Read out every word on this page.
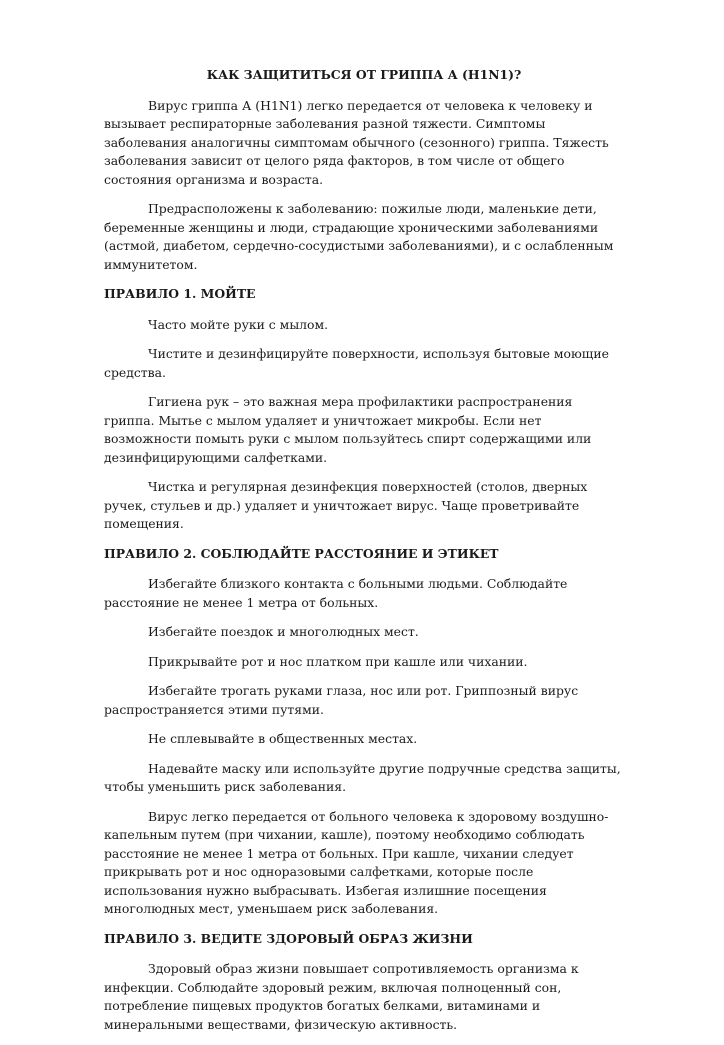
КАК ЗАЩИТИТЬСЯ ОТ ГРИППА А (H1N1)?

Вирус гриппа А (H1N1) легко передается от человека к человеку и вызывает респираторные заболевания разной тяжести. Симптомы заболевания аналогичны симптомам обычного (сезонного) гриппа. Тяжесть заболевания зависит от целого ряда факторов, в том числе от общего состояния организма и возраста.

Предрасположены к заболеванию: пожилые люди, маленькие дети, беременные женщины и люди, страдающие хроническими заболеваниями (астмой, диабетом, сердечно-сосудистыми заболеваниями), и с ослабленным иммунитетом.

ПРАВИЛО 1. МОЙТЕ

Часто мойте руки с мылом.

Чистите и дезинфицируйте поверхности, используя бытовые моющие средства.

Гигиена рук – это важная мера профилактики распространения гриппа. Мытье с мылом удаляет и уничтожает микробы. Если нет возможности помыть руки с мылом пользуйтесь спирт содержащими или дезинфицирующими салфетками.

Чистка и регулярная дезинфекция поверхностей (столов, дверных ручек, стульев и др.) удаляет и уничтожает вирус. Чаще проветривайте помещения.

ПРАВИЛО 2. СОБЛЮДАЙТЕ РАССТОЯНИЕ И ЭТИКЕТ

Избегайте близкого контакта с больными людьми. Соблюдайте расстояние не менее 1 метра от больных.

Избегайте поездок и многолюдных мест.

Прикрывайте рот и нос платком при кашле или чихании.

Избегайте трогать руками глаза, нос или рот. Гриппозный вирус распространяется этими путями.

Не сплевывайте в общественных местах.

Надевайте маску или используйте другие подручные средства защиты, чтобы уменьшить риск заболевания.

Вирус легко передается от больного человека к здоровому воздушно-капельным путем (при чихании, кашле), поэтому необходимо соблюдать расстояние не менее 1 метра от больных. При кашле, чихании следует прикрывать рот и нос одноразовыми салфетками, которые после использования нужно выбрасывать. Избегая излишние посещения многолюдных мест, уменьшаем риск заболевания.

ПРАВИЛО 3. ВЕДИТЕ ЗДОРОВЫЙ ОБРАЗ ЖИЗНИ

Здоровый образ жизни повышает сопротивляемость организма к инфекции. Соблюдайте здоровый режим, включая полноценный сон, потребление пищевых продуктов богатых белками, витаминами и минеральными веществами, физическую активность.
